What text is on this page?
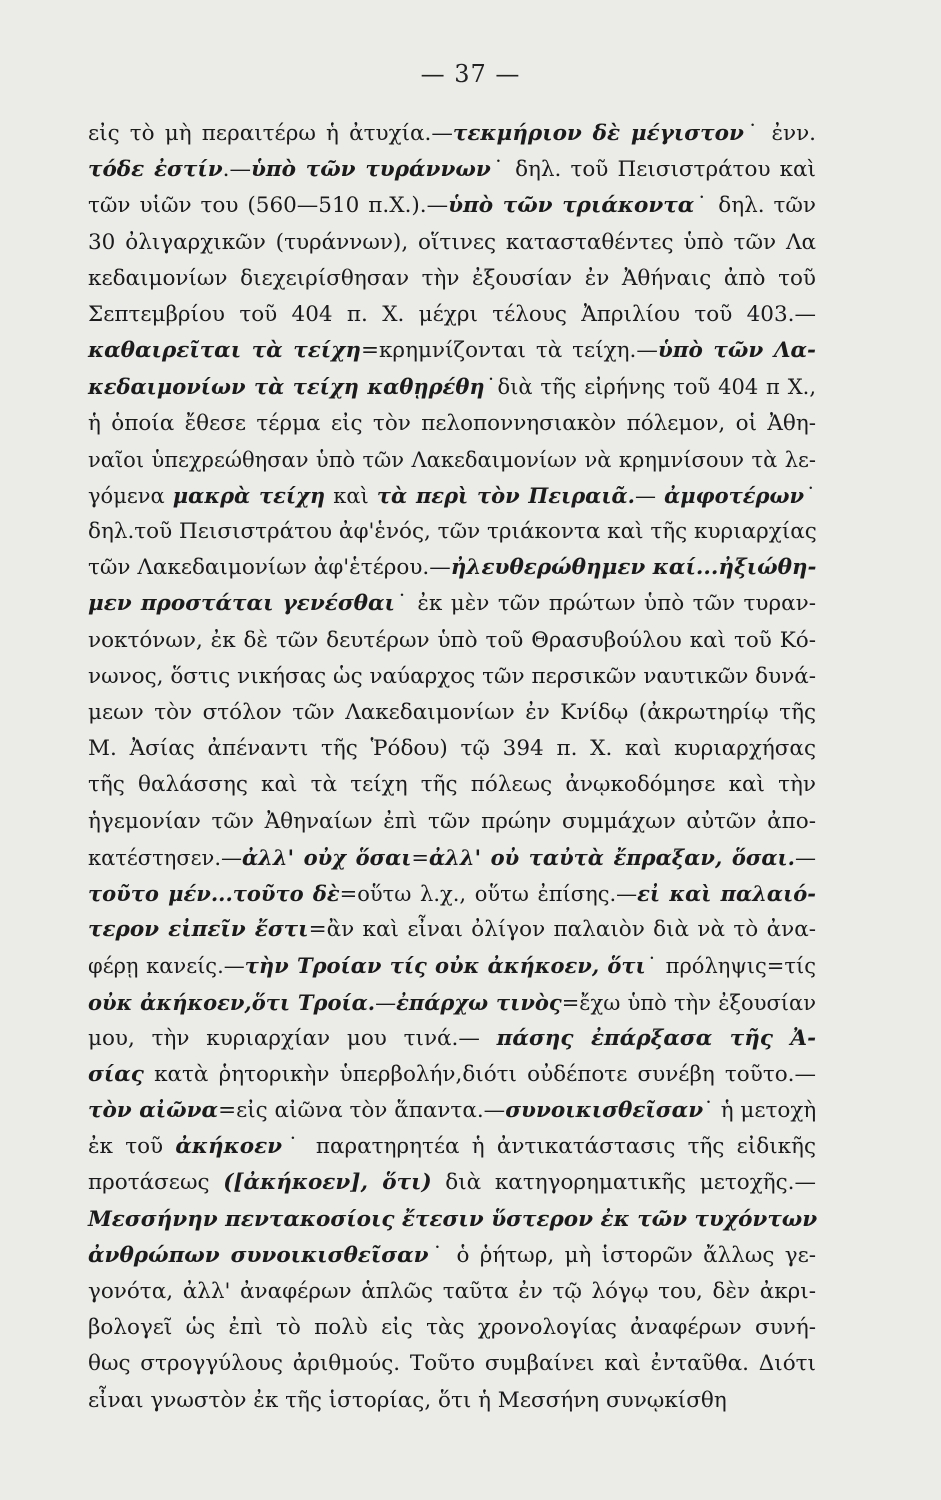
— 37 —
εἰς τὸ μὴ περαιτέρω ἡ ἀτυχία.—τεκμήριον δὲ μέγιστον˙ ἐνν.
τόδε ἐστίν.—ὑπὸ τῶν τυράννων˙ δηλ. τοῦ Πεισιστράτου καὶ
τῶν υἱῶν του (560—510 π.Χ.).—ὑπὸ τῶν τριάκοντα˙ δηλ. τῶν
30 ὀλιγαρχικῶν (τυράννων), οἵτινες κατασταθέντες ὑπὸ τῶν Λα
κεδαιμονίων διεχειρίσθησαν τὴν ἐξουσίαν ἐν Ἀθήναις ἀπὸ τοῦ
Σεπτεμβρίου τοῦ 404 π. Χ. μέχρι τέλους Ἀπριλίου τοῦ 403.—
καθαιρεῖται τὰ τείχη=κρημνίζονται τὰ τείχη.—ὑπὸ τῶν Λα-
κεδαιμονίων τὰ τείχη καθῃρέθη˙διὰ τῆς εἰρήνης τοῦ 404 π Χ.,
ἡ ὁποία ἔθεσε τέρμα εἰς τὸν πελοποννησιακὸν πόλεμον, οἱ Ἀθη-
ναῖοι ὑπεχρεώθησαν ὑπὸ τῶν Λακεδαιμονίων νὰ κρημνίσουν τὰ λε-
γόμενα μακρὰ τείχη καὶ τὰ περὶ τὸν Πειραιᾶ.— ἀμφοτέρων˙
δηλ.τοῦ Πεισιστράτου ἀφ'ἑνός, τῶν τριάκοντα καὶ τῆς κυριαρχίας
τῶν Λακεδαιμονίων ἀφ'ἑτέρου.—ἠλευθερώθημεν καί...ἠξιώθη-
μεν προστάται γενέσθαι˙ ἐκ μὲν τῶν πρώτων ὑπὸ τῶν τυραν-
νοκτόνων, ἐκ δὲ τῶν δευτέρων ὑπὸ τοῦ Θρασυβούλου καὶ τοῦ Κό-
νωνος, ὅστις νικήσας ὡς ναύαρχος τῶν περσικῶν ναυτικῶν δυνά-
μεων τὸν στόλον τῶν Λακεδαιμονίων ἐν Κνίδῳ (ἀκρωτηρίῳ τῆς
Μ. Ἀσίας ἀπέναντι τῆς Ῥόδου) τῷ 394 π. Χ. καὶ κυριαρχήσας
τῆς θαλάσσης καὶ τὰ τείχη τῆς πόλεως ἀνῳκοδόμησε καὶ τὴν
ἡγεμονίαν τῶν Ἀθηναίων ἐπὶ τῶν πρώην συμμάχων αὐτῶν ἀπο-
κατέστησεν.—ἀλλ' οὐχ ὅσαι=ἀλλ' οὐ ταὐτὰ ἔπραξαν, ὅσαι.—
τοῦτο μέν...τοῦτο δὲ=οὕτω λ.χ., οὕτω ἐπίσης.—εἰ καὶ παλαιό-
τερον εἰπεῖν ἔστι=ἂν καὶ εἶναι ὀλίγον παλαιὸν διὰ νὰ τὸ ἀνα-
φέρῃ κανείς.—τὴν Τροίαν τίς οὐκ ἀκήκοεν, ὅτι˙ πρόληψις=τίς
οὐκ ἀκήκοεν,ὅτι Τροία.—ἐπάρχω τινὸς=ἔχω ὑπὸ τὴν ἐξουσίαν
μου, τὴν κυριαρχίαν μου τινά.— πάσης ἐπάρξασα τῆς Ἀ-
σίας κατὰ ῥητορικὴν ὑπερβολήν,διότι οὐδέποτε συνέβη τοῦτο.—
τὸν αἰῶνα=εἰς αἰῶνα τὸν ἅπαντα.—συνοικισθεῖσαν˙ ἡ μετοχὴ
ἐκ τοῦ ἀκήκοεν˙ παρατηρητέα ἡ ἀντικατάστασις τῆς εἰδικῆς
προτάσεως ([ἀκήκοεν], ὅτι) διὰ κατηγορηματικῆς μετοχῆς.—
Μεσσήνην πεντακοσίοις ἔτεσιν ὕστερον ἐκ τῶν τυχόντων
ἀνθρώπων συνοικισθεῖσαν˙ ὁ ῥήτωρ, μὴ ἱστορῶν ἄλλως γε-
γονότα, ἀλλ' ἀναφέρων ἁπλῶς ταῦτα ἐν τῷ λόγῳ του, δὲν ἀκρι-
βολογεῖ ὡς ἐπὶ τὸ πολὺ εἰς τὰς χρονολογίας ἀναφέρων συνή-
θως στρογγύλους ἀριθμούς. Τοῦτο συμβαίνει καὶ ἐνταῦθα. Διότι
εἶναι γνωστὸν ἐκ τῆς ἱστορίας, ὅτι ἡ Μεσσήνη συνῳκίσθη
